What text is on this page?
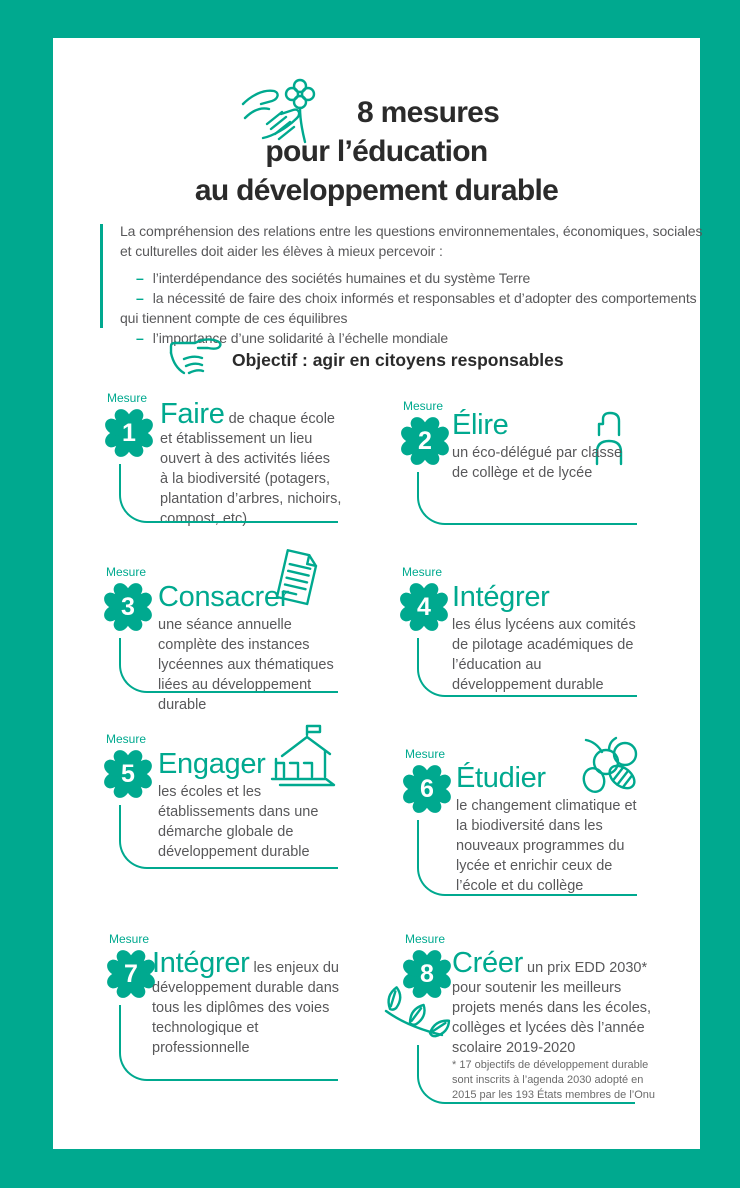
8 mesures
pour l’éducation
au développement durable

La compréhension des relations entre les questions environnementales, économiques, sociales et culturelles doit aider les élèves à mieux percevoir :

– l’interdépendance des sociétés humaines et du système Terre

– la nécessité de faire des choix informés et responsables et d’adopter des comportements qui tiennent compte de ces équilibres

– l’importance d’une solidarité à l’échelle mondiale

Objectif : agir en citoyens responsables
Mesure
1
Faire de chaque école et établissement un lieu ouvert à des activités liées à la biodiversité (potagers, plantation d’arbres, nichoirs, compost, etc)
Mesure
2 Élire
un éco-délégué par classe de collège et de lycée
Mesure
3 Consacrer
une séance annuelle complète des instances lycéennes aux thématiques liées au développement durable
Mesure
4 Intégrer
les élus lycéens aux comités de pilotage académiques de l’éducation au développement durable
Mesure
5 Engager
les écoles et les établissements dans une démarche globale de développement durable
Mesure
6 Étudier
le changement climatique et la biodiversité dans les nouveaux programmes du lycée et enrichir ceux de l’école et du collège
Mesure
7 Intégrer les enjeux du développement durable dans tous les diplômes des voies technologique et professionnelle
Mesure
8 Créer un prix EDD 2030* pour soutenir les meilleurs projets menés dans les écoles, collèges et lycées dès l’année scolaire 2019-2020
* 17 objectifs de développement durable sont inscrits à l’agenda 2030 adopté en 2015 par les 193 États membres de l’Onu
